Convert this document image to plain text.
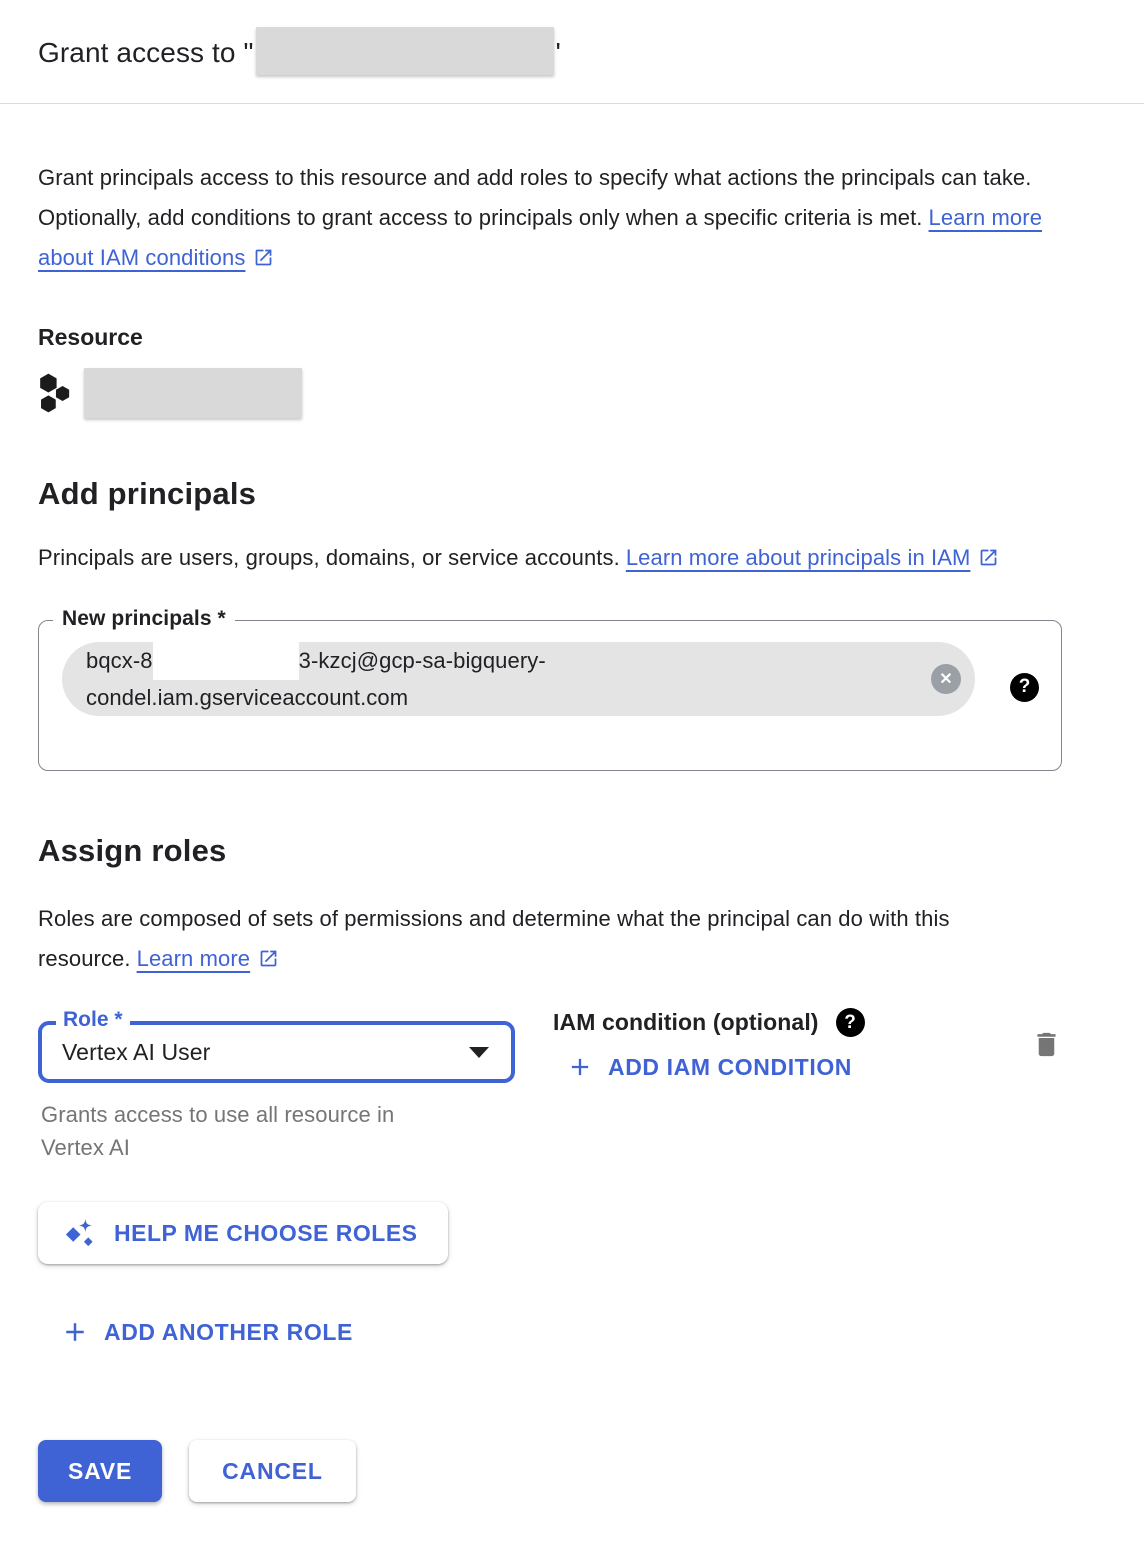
Grant access to "	'

Grant principals access to this resource and add roles to specify what actions the principals can take. Optionally, add conditions to grant access to principals only when a specific criteria is met. Learn more about IAM conditions

Resource
Add principals

Principals are users, groups, domains, or service accounts. Learn more about principals in IAM

New principals *
bqcx-8	3-kzcj@gcp-sa-bigquery-
condel.iam.gserviceaccount.com
✕	?
Assign roles

Roles are composed of sets of permissions and determine what the principal can do with this resource. Learn more

Role *
Vertex AI User
Grants access to use all resource in Vertex AI
IAM condition (optional) ?
ADD IAM CONDITION
HELP ME CHOOSE ROLES
ADD ANOTHER ROLE
SAVE	CANCEL
